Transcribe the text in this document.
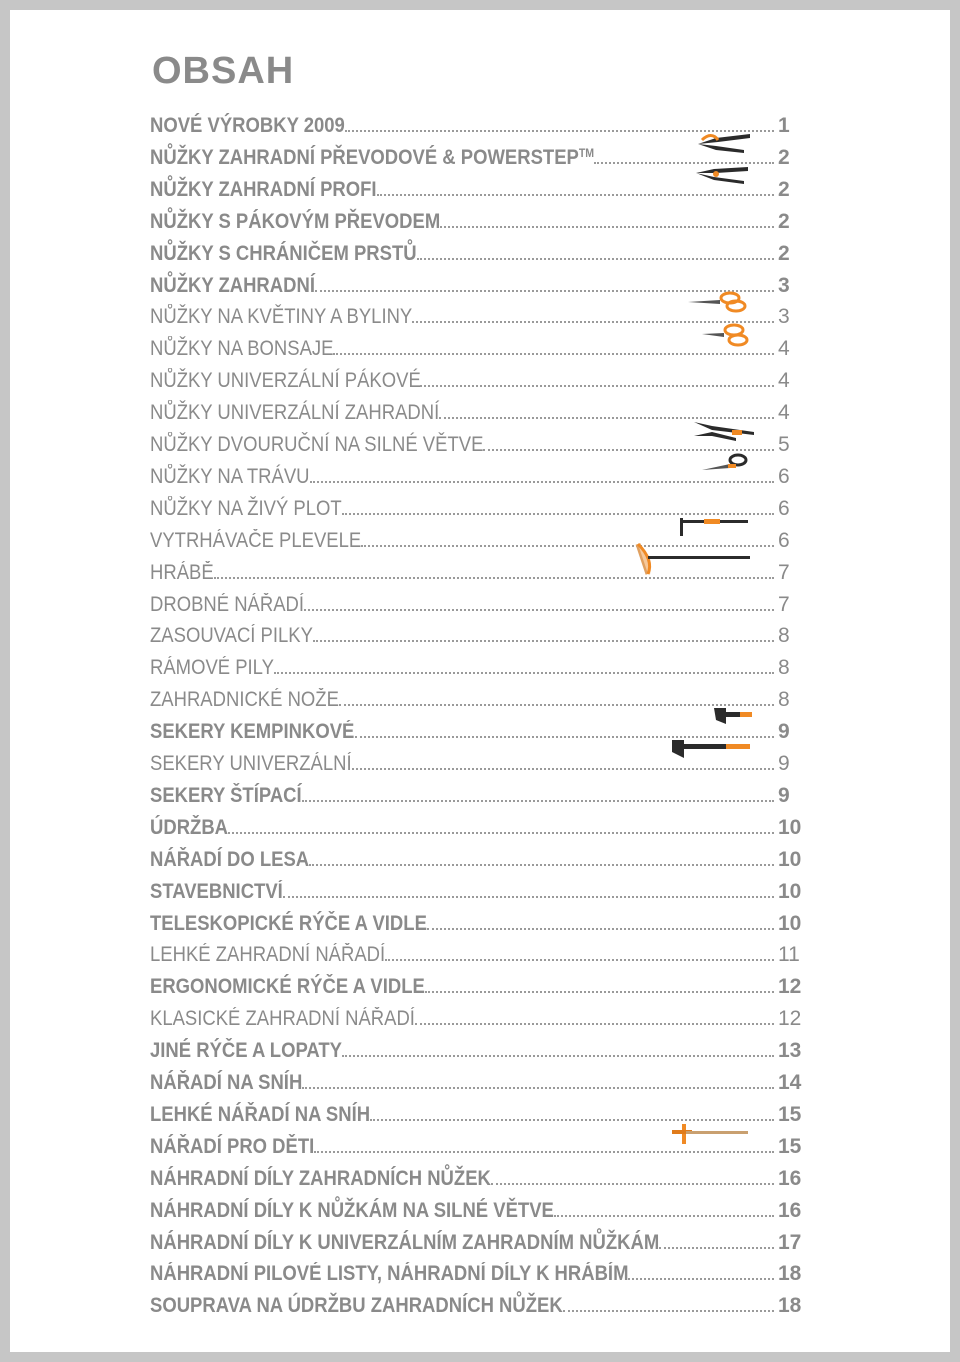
OBSAH
NOVÉ VÝROBKY 2009	1
NŮŽKY ZAHRADNÍ PŘEVODOVÉ & POWERSTEP™	2
NŮŽKY ZAHRADNÍ PROFI	2
NŮŽKY S PÁKOVÝM PŘEVODEM	2
NŮŽKY S CHRÁNIČEM PRSTŮ	2
NŮŽKY ZAHRADNÍ	3
NŮŽKY NA KVĚTINY A BYLINY	3
NŮŽKY NA BONSAJE	4
NŮŽKY UNIVERZÁLNÍ PÁKOVÉ	4
NŮŽKY UNIVERZÁLNÍ ZAHRADNÍ	4
NŮŽKY DVOURUČNÍ NA SILNÉ VĚTVE	5
NŮŽKY NA TRÁVU	6
NŮŽKY NA ŽIVÝ PLOT	6
VYTRHÁVAČE PLEVELE	6
HRÁBĚ	7
DROBNÉ NÁŘADÍ	7
ZASOUVACÍ PILKY	8
RÁMOVÉ PILY	8
ZAHRADNICKÉ NOŽE	8
SEKERY KEMPINKOVÉ	9
SEKERY UNIVERZÁLNÍ	9
SEKERY ŠTÍPACÍ	9
ÚDRŽBA	10
NÁŘADÍ DO LESA	10
STAVEBNICTVÍ	10
TELESKOPICKÉ RÝČE A VIDLE	10
LEHKÉ ZAHRADNÍ NÁŘADÍ	11
ERGONOMICKÉ RÝČE A VIDLE	12
KLASICKÉ ZAHRADNÍ NÁŘADÍ	12
JINÉ RÝČE A LOPATY	13
NÁŘADÍ NA SNÍH	14
LEHKÉ NÁŘADÍ NA SNÍH	15
NÁŘADÍ PRO DĚTI	15
NÁHRADNÍ DÍLY ZAHRADNÍCH NŮŽEK	16
NÁHRADNÍ DÍLY K NŮŽKÁM NA SILNÉ VĚTVE	16
NÁHRADNÍ DÍLY K UNIVERZÁLNÍM ZAHRADNÍM NŮŽKÁM	17
NÁHRADNÍ PILOVÉ LISTY, NÁHRADNÍ DÍLY K HRÁBÍM	18
SOUPRAVA NA ÚDRŽBU ZAHRADNÍCH NŮŽEK	18
